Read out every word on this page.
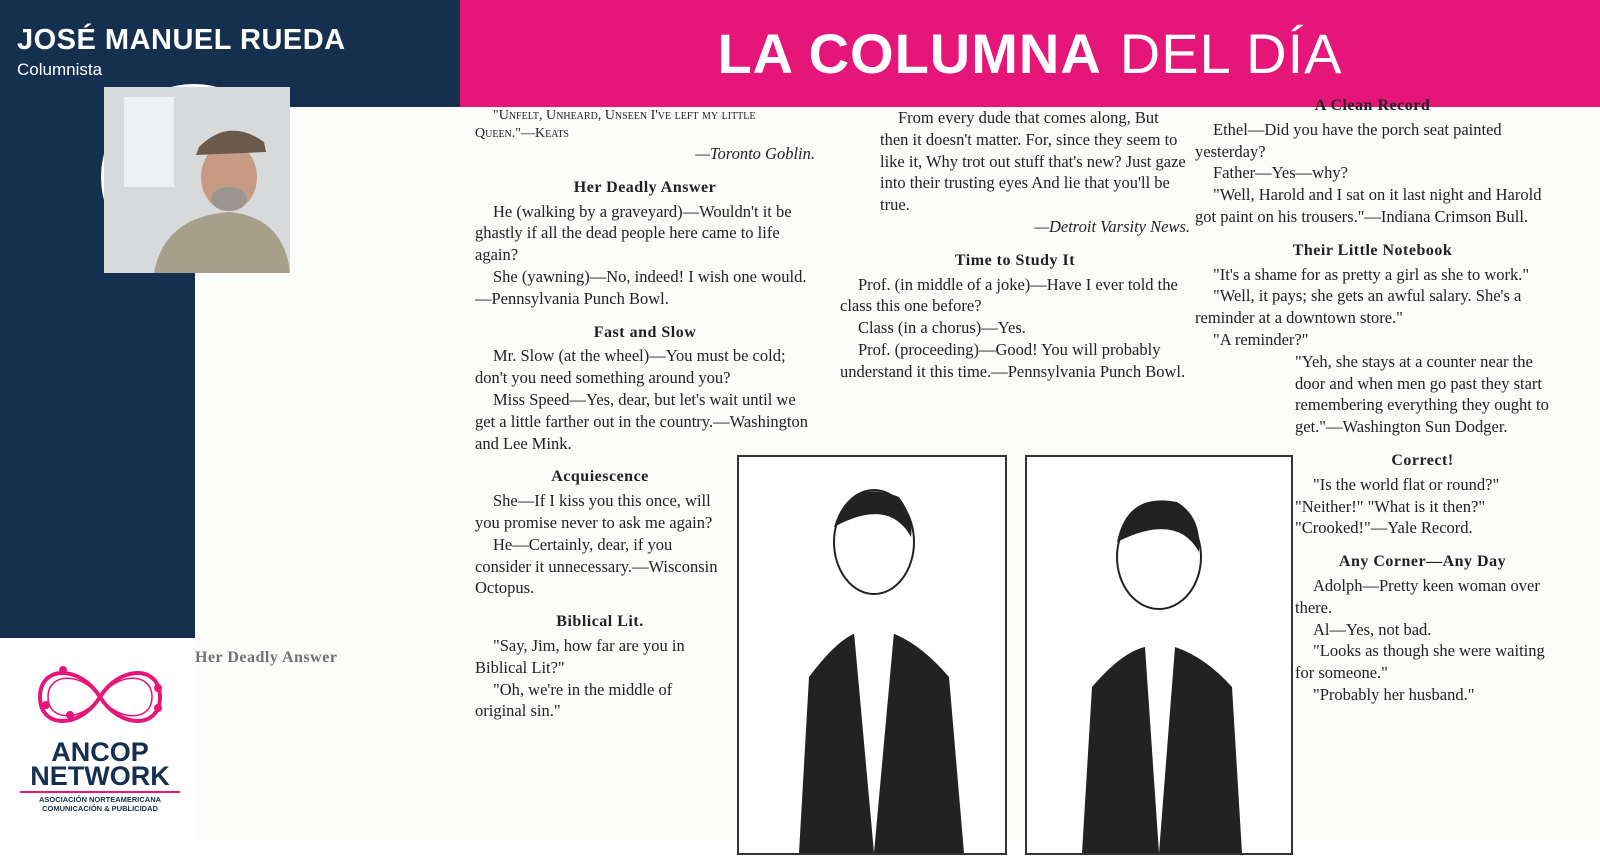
JOSÉ MANUEL RUEDA
Columnista	LA COLUMNA DEL DÍA
Her Deadly Answer

"Unfelt, Unheard, Unseen I've left my little Queen."—Keats

—Toronto Goblin.

Her Deadly Answer

He (walking by a graveyard)—Wouldn't it be ghastly if all the dead people here came to life again?

She (yawning)—No, indeed! I wish one would.—Pennsylvania Punch Bowl.

Fast and Slow

Mr. Slow (at the wheel)—You must be cold; don't you need something around you?

Miss Speed—Yes, dear, but let's wait until we get a little farther out in the country.—Washington and Lee Mink.

Acquiescence

She—If I kiss you this once, will you promise never to ask me again?

He—Certainly, dear, if you consider it unnecessary.—Wisconsin Octopus.

Biblical Lit.

"Say, Jim, how far are you in Biblical Lit?"

"Oh, we're in the middle of original sin."

From every dude that comes along, But then it doesn't matter. For, since they seem to like it, Why trot out stuff that's new? Just gaze into their trusting eyes And lie that you'll be true.

—Detroit Varsity News.

Time to Study It

Prof. (in middle of a joke)—Have I ever told the class this one before?

Class (in a chorus)—Yes.

Prof. (proceeding)—Good! You will probably understand it this time.—Pennsylvania Punch Bowl.

A Clean Record

Ethel—Did you have the porch seat painted yesterday?

Father—Yes—why?

"Well, Harold and I sat on it last night and Harold got paint on his trousers."—Indiana Crimson Bull.

Their Little Notebook

"It's a shame for as pretty a girl as she to work."

"Well, it pays; she gets an awful salary. She's a reminder at a downtown store."

"A reminder?"

"Yeh, she stays at a counter near the door and when men go past they start remembering everything they ought to get."—Washington Sun Dodger.

Correct!

"Is the world flat or round?" "Neither!" "What is it then?" "Crooked!"—Yale Record.

Any Corner—Any Day

Adolph—Pretty keen woman over there.

Al—Yes, not bad.

"Looks as though she were waiting for someone."

"Probably her husband."

ANCOP
NETWORK
ASOCIACIÓN NORTEAMERICANA
COMUNICACIÓN & PUBLICIDAD
